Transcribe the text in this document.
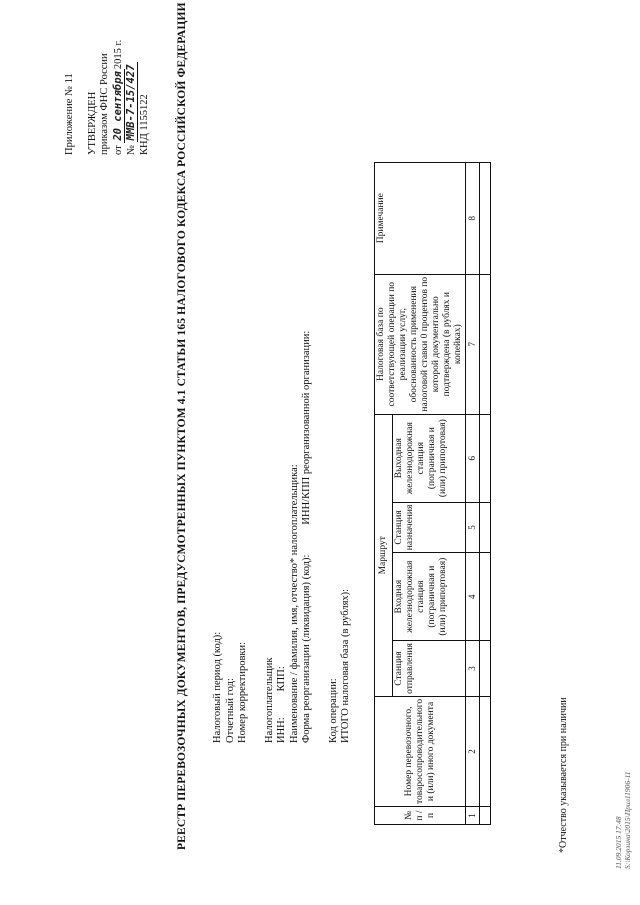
Приложение № 11 УТВЕРЖДЕН приказом ФНС России от 20 сентября2015 г.
№ ММВ-7-15/427 КНД 1155122 РЕЕСТР ПЕРЕВОЗОЧНЫХ ДОКУМЕНТОВ, ПРЕДУСМОТРЕННЫХ ПУНКТОМ 4.1 СТАТЬИ 165 НАЛОГОВОГО КОДЕКСА РОССИЙСКОЙ ФЕДЕРАЦИИ Налоговый период (код): Отчетный год: Номер корректировки: Налогоплательщик ИНН:КПП: Наименование / фамилия, имя, отчество* налогоплательщика: Форма реорганизации (ликвидация) (код):ИНН/КПП реорганизованной организации:
Код операции: ИТОГО налоговая база (в рублях):
№ п / п	Номер перевозочного, товаросопроводительного и (или) иного документа	Маршрут				Налоговая база по соответствующей операции по реализации услуг, обоснованность применения налоговой ставки 0 процентов по которой документально подтверждена (в рублях и копейках)	Примечание
		Станция отправления	Входная железнодорожная станция (пограничная и (или) припортовая)	Станция назначения	Выходная железнодорожная станция (пограничная и (или) припортовая)		
1	2	3	4	5	6	7	8

*Отчество указывается при наличии	11.09.2015 17:48 S:\Корзина\2015\Прил11906-11
